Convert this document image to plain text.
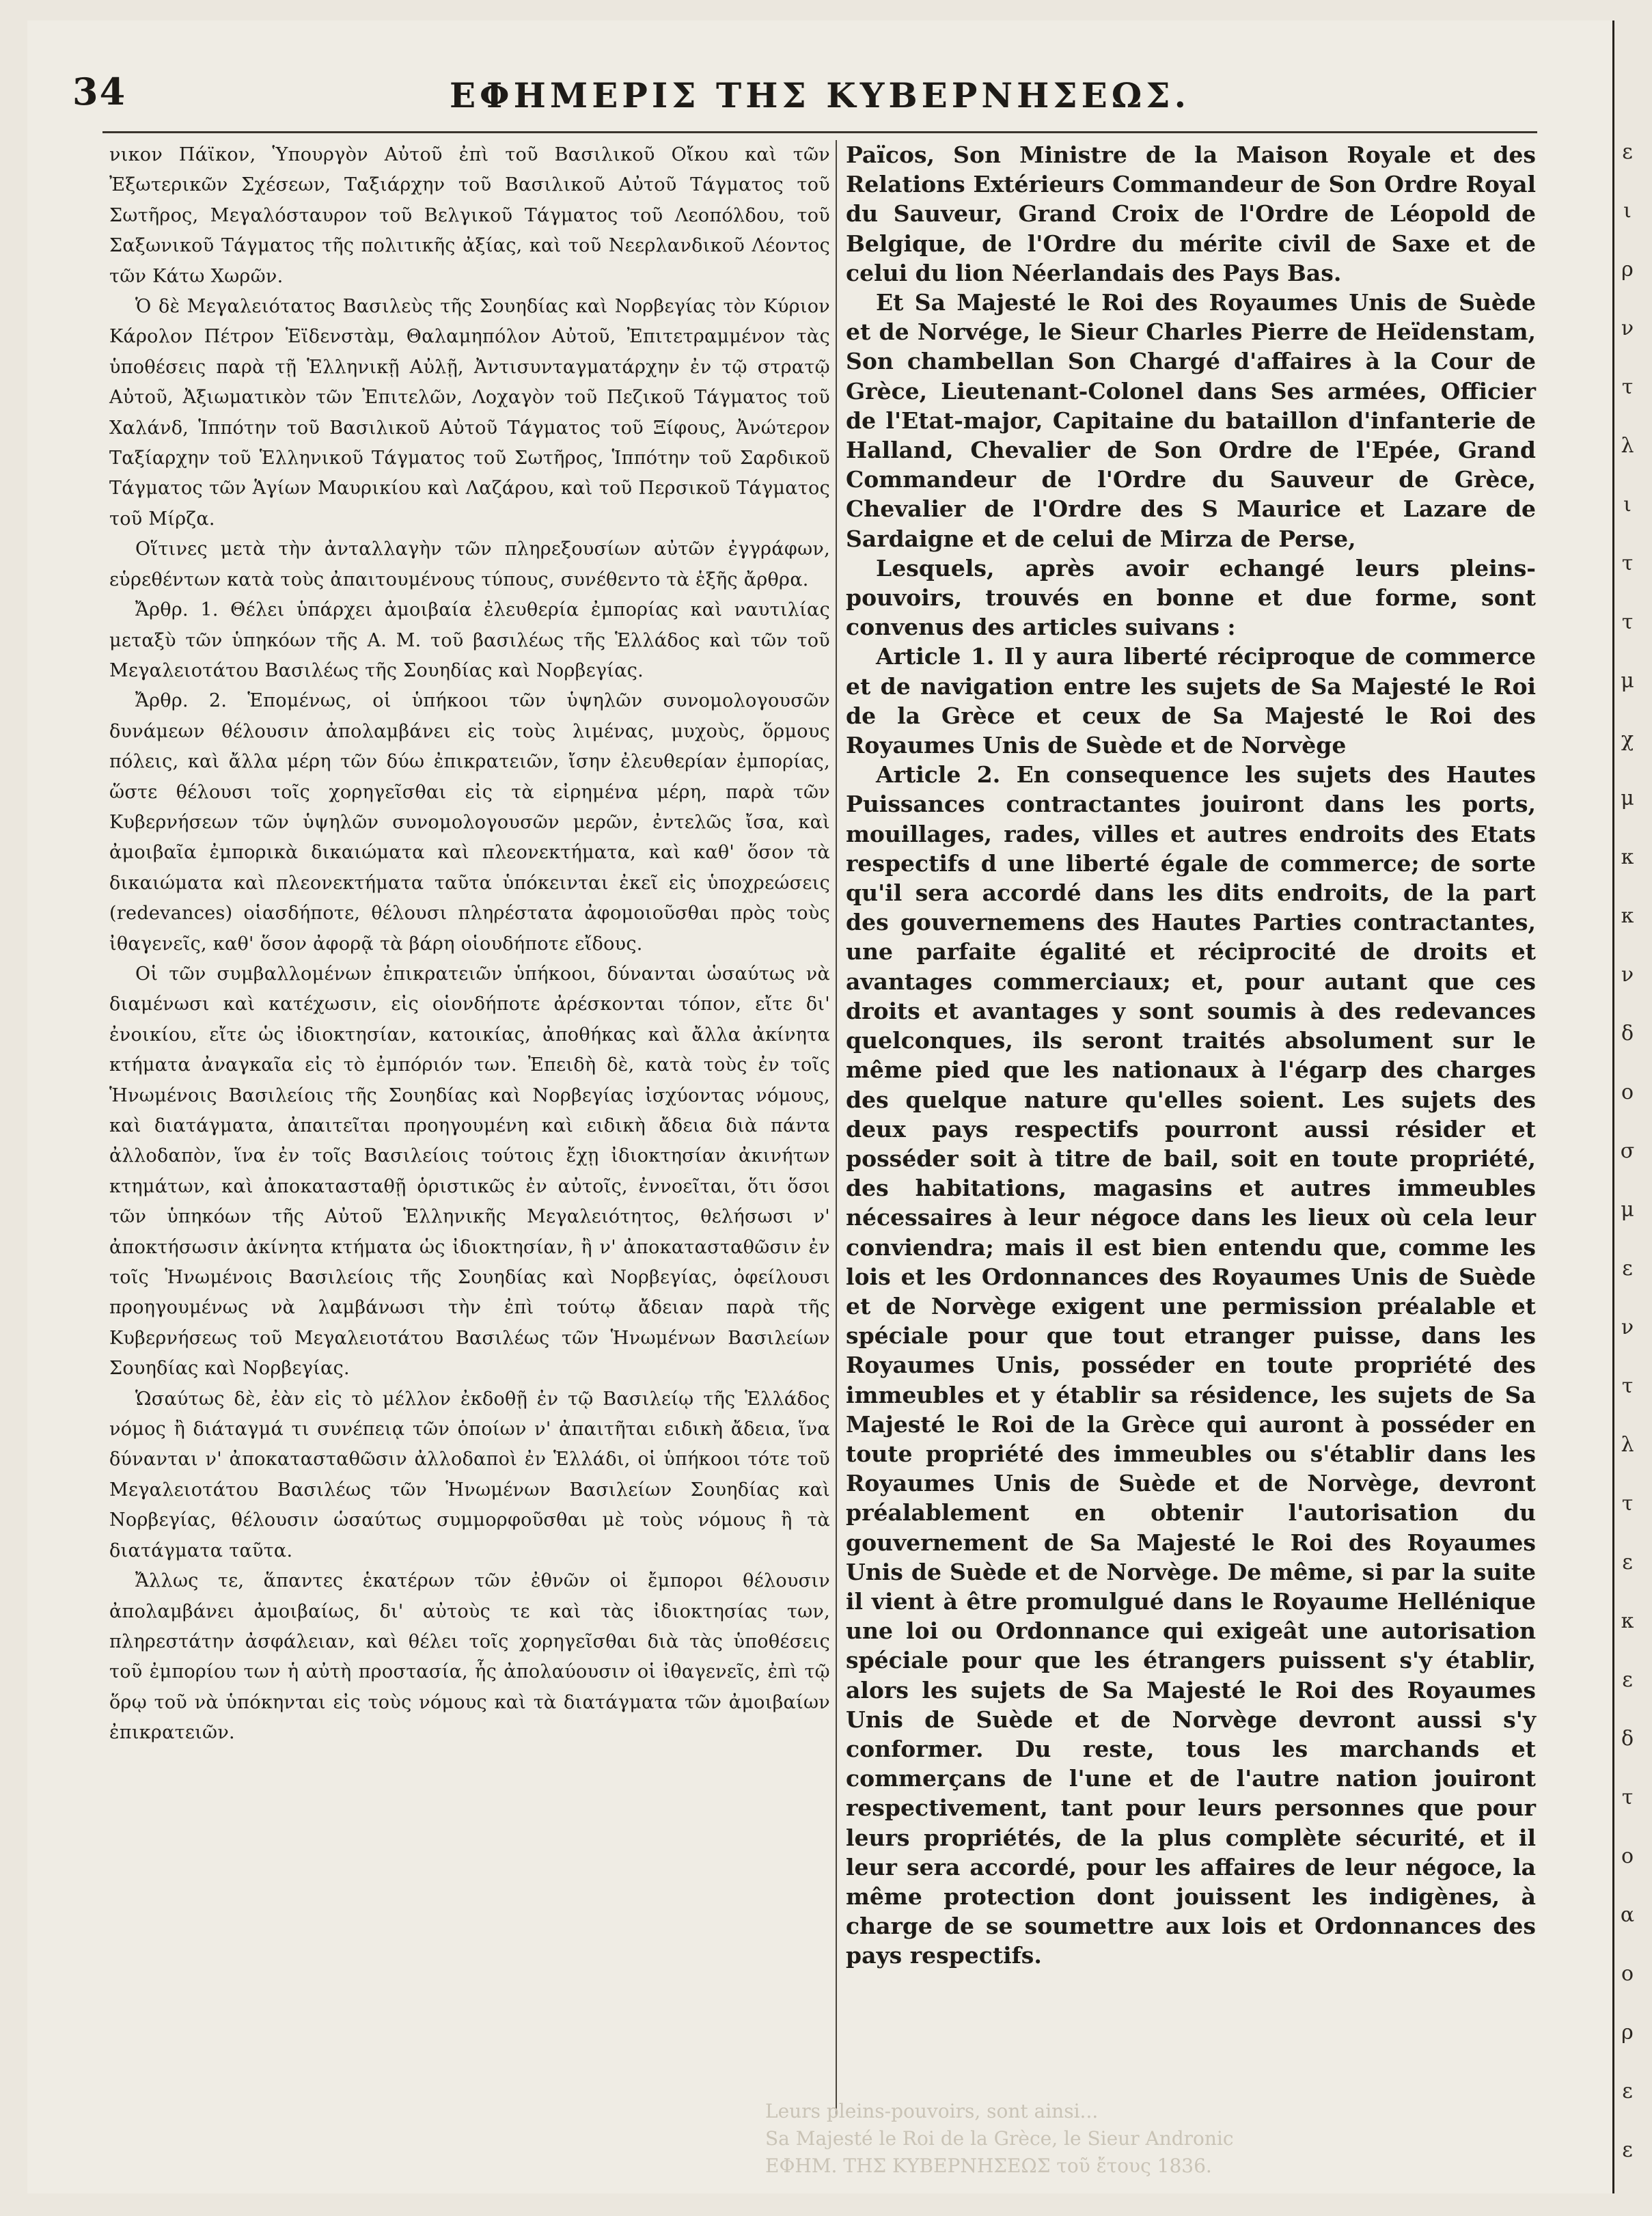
34	ΕΦΗΜΕΡΙΣ ΤΗΣ ΚΥΒΕΡΝΗΣΕΩΣ.

νικον Πάϊκον, Ὑπουργὸν Αὐτοῦ ἐπὶ τοῦ Βασιλικοῦ Οἴκου καὶ τῶν Ἐξωτερικῶν Σχέσεων, Ταξιάρχην τοῦ Βασιλικοῦ Αὐτοῦ Τάγματος τοῦ Σωτῆρος, Μεγαλόσταυρον τοῦ Βελγικοῦ Τάγματος τοῦ Λεοπόλδου, τοῦ Σαξωνικοῦ Τάγματος τῆς πολιτικῆς ἀξίας, καὶ τοῦ Νεερλανδικοῦ Λέοντος τῶν Κάτω Χωρῶν.

Ὁ δὲ Μεγαλειότατος Βασιλεὺς τῆς Σουηδίας καὶ Νορβεγίας τὸν Κύριον Κάρολον Πέτρον Ἑϊδενστὰμ, Θαλαμηπόλον Αὐτοῦ, Ἐπιτετραμμένον τὰς ὑποθέσεις παρὰ τῇ Ἑλληνικῇ Αὐλῇ, Ἀντισυνταγματάρχην ἐν τῷ στρατῷ Αὐτοῦ, Ἀξιωματικὸν τῶν Ἐπιτελῶν, Λοχαγὸν τοῦ Πεζικοῦ Τάγματος τοῦ Χαλάνδ, Ἱππότην τοῦ Βασιλικοῦ Αὐτοῦ Τάγματος τοῦ Ξίφους, Ἀνώτερον Ταξίαρχην τοῦ Ἑλληνικοῦ Τάγματος τοῦ Σωτῆρος, Ἱππότην τοῦ Σαρδικοῦ Τάγματος τῶν Ἁγίων Μαυρικίου καὶ Λαζάρου, καὶ τοῦ Περσικοῦ Τάγματος τοῦ Μίρζα.

Οἵτινες μετὰ τὴν ἀνταλλαγὴν τῶν πληρεξουσίων αὐτῶν ἐγγράφων, εὑρεθέντων κατὰ τοὺς ἀπαιτουμένους τύπους, συνέθεντο τὰ ἑξῆς ἄρθρα.

Ἄρθρ. 1. Θέλει ὑπάρχει ἀμοιβαία ἐλευθερία ἐμπορίας καὶ ναυτιλίας μεταξὺ τῶν ὑπηκόων τῆς Α. Μ. τοῦ βασιλέως τῆς Ἑλλάδος καὶ τῶν τοῦ Μεγαλειοτάτου Βασιλέως τῆς Σουηδίας καὶ Νορβεγίας.

Ἄρθρ. 2. Ἑπομένως, οἱ ὑπήκοοι τῶν ὑψηλῶν συνομολογουσῶν δυνάμεων θέλουσιν ἀπολαμβάνει εἰς τοὺς λιμένας, μυχοὺς, ὅρμους πόλεις, καὶ ἄλλα μέρη τῶν δύω ἐπικρατειῶν, ἴσην ἐλευθερίαν ἐμπορίας, ὥστε θέλουσι τοῖς χορηγεῖσθαι εἰς τὰ εἰρημένα μέρη, παρὰ τῶν Κυβερνήσεων τῶν ὑψηλῶν συνομολογουσῶν μερῶν, ἐντελῶς ἴσα, καὶ ἀμοιβαῖα ἐμπορικὰ δικαιώματα καὶ πλεονεκτήματα, καὶ καθ' ὅσον τὰ δικαιώματα καὶ πλεονεκτήματα ταῦτα ὑπόκεινται ἐκεῖ εἰς ὑποχρεώσεις (redevances) οἱασδήποτε, θέλουσι πληρέστατα ἀφομοιοῦσθαι πρὸς τοὺς ἰθαγενεῖς, καθ' ὅσον ἀφορᾷ τὰ βάρη οἱουδήποτε εἴδους.

Οἱ τῶν συμβαλλομένων ἐπικρατειῶν ὑπήκοοι, δύνανται ὡσαύτως νὰ διαμένωσι καὶ κατέχωσιν, εἰς οἱονδήποτε ἀρέσκονται τόπον, εἴτε δι' ἐνοικίου, εἴτε ὡς ἰδιοκτησίαν, κατοικίας, ἀποθήκας καὶ ἄλλα ἀκίνητα κτήματα ἀναγκαῖα εἰς τὸ ἐμπόριόν των. Ἐπειδὴ δὲ, κατὰ τοὺς ἐν τοῖς Ἡνωμένοις Βασιλείοις τῆς Σουηδίας καὶ Νορβεγίας ἰσχύοντας νόμους, καὶ διατάγματα, ἀπαιτεῖται προηγουμένη καὶ ειδικὴ ἄδεια διὰ πάντα ἀλλοδαπὸν, ἵνα ἐν τοῖς Βασιλείοις τούτοις ἔχῃ ἰδιοκτησίαν ἀκινήτων κτημάτων, καὶ ἀποκατασταθῇ ὁριστικῶς ἐν αὐτοῖς, ἐννοεῖται, ὅτι ὅσοι τῶν ὑπηκόων τῆς Αὐτοῦ Ἑλληνικῆς Μεγαλειότητος, θελήσωσι ν' ἀποκτήσωσιν ἀκίνητα κτήματα ὡς ἰδιοκτησίαν, ἢ ν' ἀποκατασταθῶσιν ἐν τοῖς Ἡνωμένοις Βασιλείοις τῆς Σουηδίας καὶ Νορβεγίας, ὀφείλουσι προηγουμένως νὰ λαμβάνωσι τὴν ἐπὶ τούτῳ ἄδειαν παρὰ τῆς Κυβερνήσεως τοῦ Μεγαλειοτάτου Βασιλέως τῶν Ἡνωμένων Βασιλείων Σουηδίας καὶ Νορβεγίας.

Ὡσαύτως δὲ, ἐὰν εἰς τὸ μέλλον ἐκδοθῇ ἐν τῷ Βασιλείῳ τῆς Ἑλλάδος νόμος ἢ διάταγμά τι συνέπειᾳ τῶν ὁποίων ν' ἀπαιτῆται ειδικὴ ἄδεια, ἵνα δύνανται ν' ἀποκατασταθῶσιν ἀλλοδαποὶ ἐν Ἑλλάδι, οἱ ὑπήκοοι τότε τοῦ Μεγαλειοτάτου Βασιλέως τῶν Ἡνωμένων Βασιλείων Σουηδίας καὶ Νορβεγίας, θέλουσιν ὡσαύτως συμμορφοῦσθαι μὲ τοὺς νόμους ἢ τὰ διατάγματα ταῦτα.

Ἄλλως τε, ἅπαντες ἑκατέρων τῶν ἐθνῶν οἱ ἔμποροι θέλουσιν ἀπολαμβάνει ἀμοιβαίως, δι' αὐτοὺς τε καὶ τὰς ἰδιοκτησίας των, πληρεστάτην ἀσφάλειαν, καὶ θέλει τοῖς χορηγεῖσθαι διὰ τὰς ὑποθέσεις τοῦ ἐμπορίου των ἡ αὐτὴ προστασία, ἧς ἀπολαύουσιν οἱ ἰθαγενεῖς, ἐπὶ τῷ ὅρῳ τοῦ νὰ ὑπόκηνται εἰς τοὺς νόμους καὶ τὰ διατάγματα τῶν ἀμοιβαίων ἐπικρατειῶν.

Païcos, Son Ministre de la Maison Royale et des Relations Extérieurs Commandeur de Son Ordre Royal du Sauveur, Grand Croix de l'Ordre de Léopold de Belgique, de l'Ordre du mérite civil de Saxe et de celui du lion Néerlandais des Pays Bas.

Et Sa Majesté le Roi des Royaumes Unis de Suède et de Norvége, le Sieur Charles Pierre de Heïdenstam, Son chambellan Son Chargé d'affaires à la Cour de Grèce, Lieutenant-Colonel dans Ses armées, Officier de l'Etat-major, Capitaine du bataillon d'infanterie de Halland, Chevalier de Son Ordre de l'Epée, Grand Commandeur de l'Ordre du Sauveur de Grèce, Chevalier de l'Ordre des S Maurice et Lazare de Sardaigne et de celui de Mirza de Perse,

Lesquels, après avoir echangé leurs pleins-pouvoirs, trouvés en bonne et due forme, sont convenus des articles suivans :

Article 1. Il y aura liberté réciproque de commerce et de navigation entre les sujets de Sa Majesté le Roi de la Grèce et ceux de Sa Majesté le Roi des Royaumes Unis de Suède et de Norvège

Article 2. En consequence les sujets des Hautes Puissances contractantes jouiront dans les ports, mouillages, rades, villes et autres endroits des Etats respectifs d une liberté égale de commerce; de sorte qu'il sera accordé dans les dits endroits, de la part des gouvernemens des Hautes Parties contractantes, une parfaite égalité et réciprocité de droits et avantages commerciaux; et, pour autant que ces droits et avantages y sont soumis à des redevances quelconques, ils seront traités absolument sur le même pied que les nationaux à l'égarp des charges des quelque nature qu'elles soient. Les sujets des deux pays respectifs pourront aussi résider et posséder soit à titre de bail, soit en toute propriété, des habitations, magasins et autres immeubles nécessaires à leur négoce dans les lieux où cela leur conviendra; mais il est bien entendu que, comme les lois et les Ordonnances des Royaumes Unis de Suède et de Norvège exigent une permission préalable et spéciale pour que tout etranger puisse, dans les Royaumes Unis, posséder en toute propriété des immeubles et y établir sa résidence, les sujets de Sa Majesté le Roi de la Grèce qui auront à posséder en toute propriété des immeubles ou s'établir dans les Royaumes Unis de Suède et de Norvège, devront préalablement en obtenir l'autorisation du gouvernement de Sa Majesté le Roi des Royaumes Unis de Suède et de Norvège. De même, si par la suite il vient à être promulgué dans le Royaume Hellénique une loi ou Ordonnance qui exigeât une autorisation spéciale pour que les étrangers puissent s'y établir, alors les sujets de Sa Majesté le Roi des Royaumes Unis de Suède et de Norvège devront aussi s'y conformer. Du reste, tous les marchands et commerçans de l'une et de l'autre nation jouiront respectivement, tant pour leurs personnes que pour leurs propriétés, de la plus complète sécurité, et il leur sera accordé, pour les affaires de leur négoce, la même protection dont jouissent les indigènes, à charge de se soumettre aux lois et Ordonnances des pays respectifs.

Leurs pleins-pouvoirs, sont ainsi...
Sa Majesté le Roi de la Grèce, le Sieur Andronic
ΕΦΗΜ. ΤΗΣ ΚΥΒΕΡΝΗΣΕΩΣ τοῦ ἔτους 1836.
ε
ι
ρ
ν
τ
λ
ι
τ
τ
μ
χ
μ
κ
κ
ν
δ
ο
σ
μ
ε
ν
τ
λ
τ
ε
κ
ε
δ
τ
ο
α
ο
ρ
ε
ε
